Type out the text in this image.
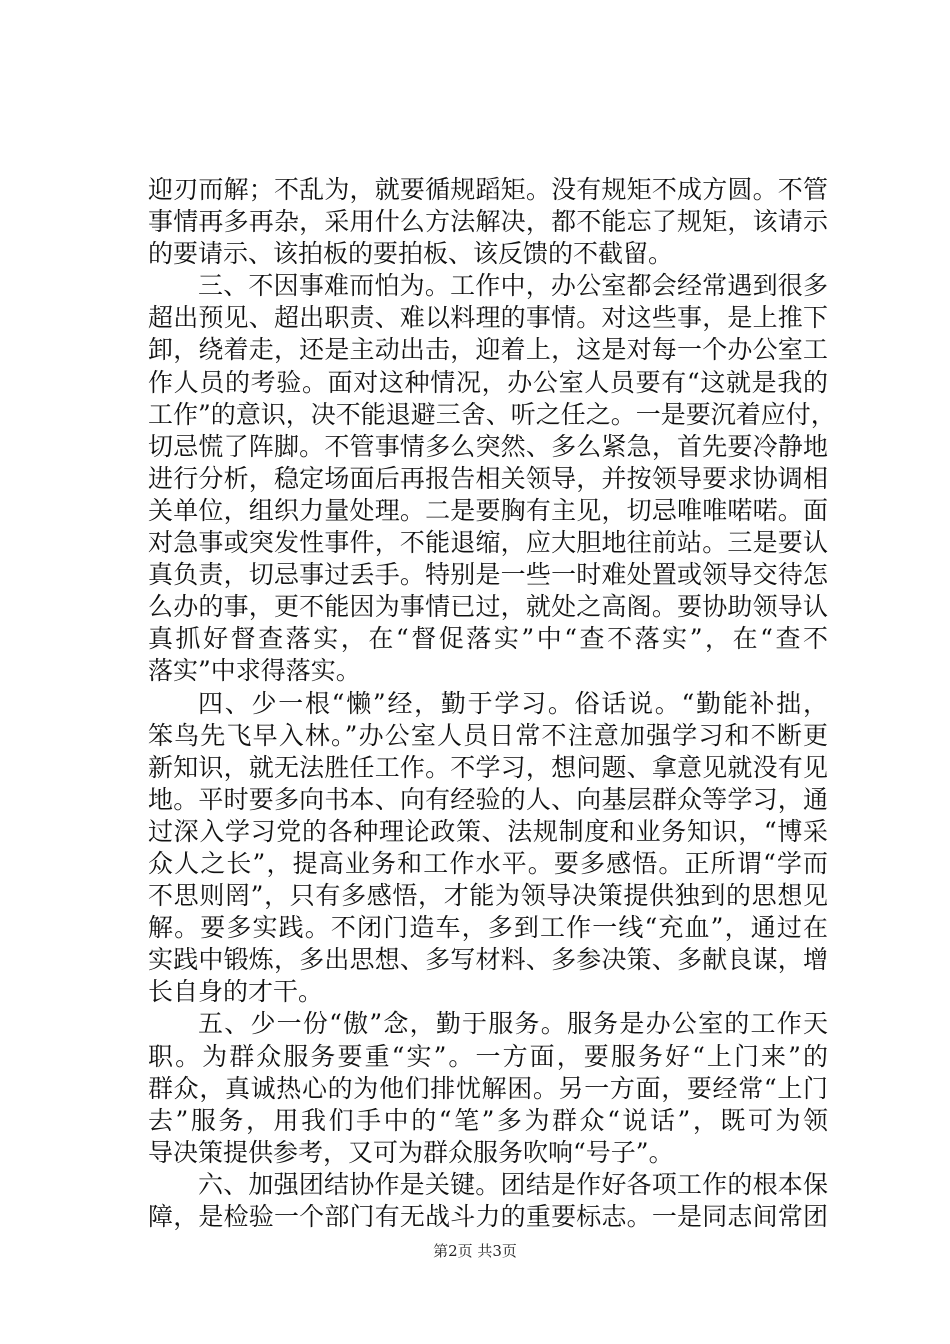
迎刃而解；不乱为，就要循规蹈矩。没有规矩不成方圆。不管
事情再多再杂，采用什么方法解决，都不能忘了规矩，该请示
的要请示、该拍板的要拍板、该反馈的不截留。
三、不因事难而怕为。工作中，办公室都会经常遇到很多
超出预见、超出职责、难以料理的事情。对这些事，是上推下
卸，绕着走，还是主动出击，迎着上，这是对每一个办公室工
作人员的考验。面对这种情况，办公室人员要有“这就是我的
工作”的意识，决不能退避三舍、听之任之。一是要沉着应付，
切忌慌了阵脚。不管事情多么突然、多么紧急，首先要冷静地
进行分析，稳定场面后再报告相关领导，并按领导要求协调相
关单位，组织力量处理。二是要胸有主见，切忌唯唯喏喏。面
对急事或突发性事件，不能退缩，应大胆地往前站。三是要认
真负责，切忌事过丢手。特别是一些一时难处置或领导交待怎
么办的事，更不能因为事情已过，就处之高阁。要协助领导认
真抓好督查落实，在“督促落实”中“查不落实”，在“查不
落实”中求得落实。
四、少一根“懒”经，勤于学习。俗话说。“勤能补拙，
笨鸟先飞早入林。”办公室人员日常不注意加强学习和不断更
新知识，就无法胜任工作。不学习，想问题、拿意见就没有见
地。平时要多向书本、向有经验的人、向基层群众等学习，通
过深入学习党的各种理论政策、法规制度和业务知识，“博采
众人之长”，提高业务和工作水平。要多感悟。正所谓“学而
不思则罔”，只有多感悟，才能为领导决策提供独到的思想见
解。要多实践。不闭门造车，多到工作一线“充血”，通过在
实践中锻炼，多出思想、多写材料、多参决策、多献良谋，增
长自身的才干。
五、少一份“傲”念，勤于服务。服务是办公室的工作天
职。为群众服务要重“实”。一方面，要服务好“上门来”的
群众，真诚热心的为他们排忧解困。另一方面，要经常“上门
去”服务，用我们手中的“笔”多为群众“说话”，既可为领
导决策提供参考，又可为群众服务吹响“号子”。
六、加强团结协作是关键。团结是作好各项工作的根本保
障，是检验一个部门有无战斗力的重要标志。一是同志间常团
第2页 共3页
